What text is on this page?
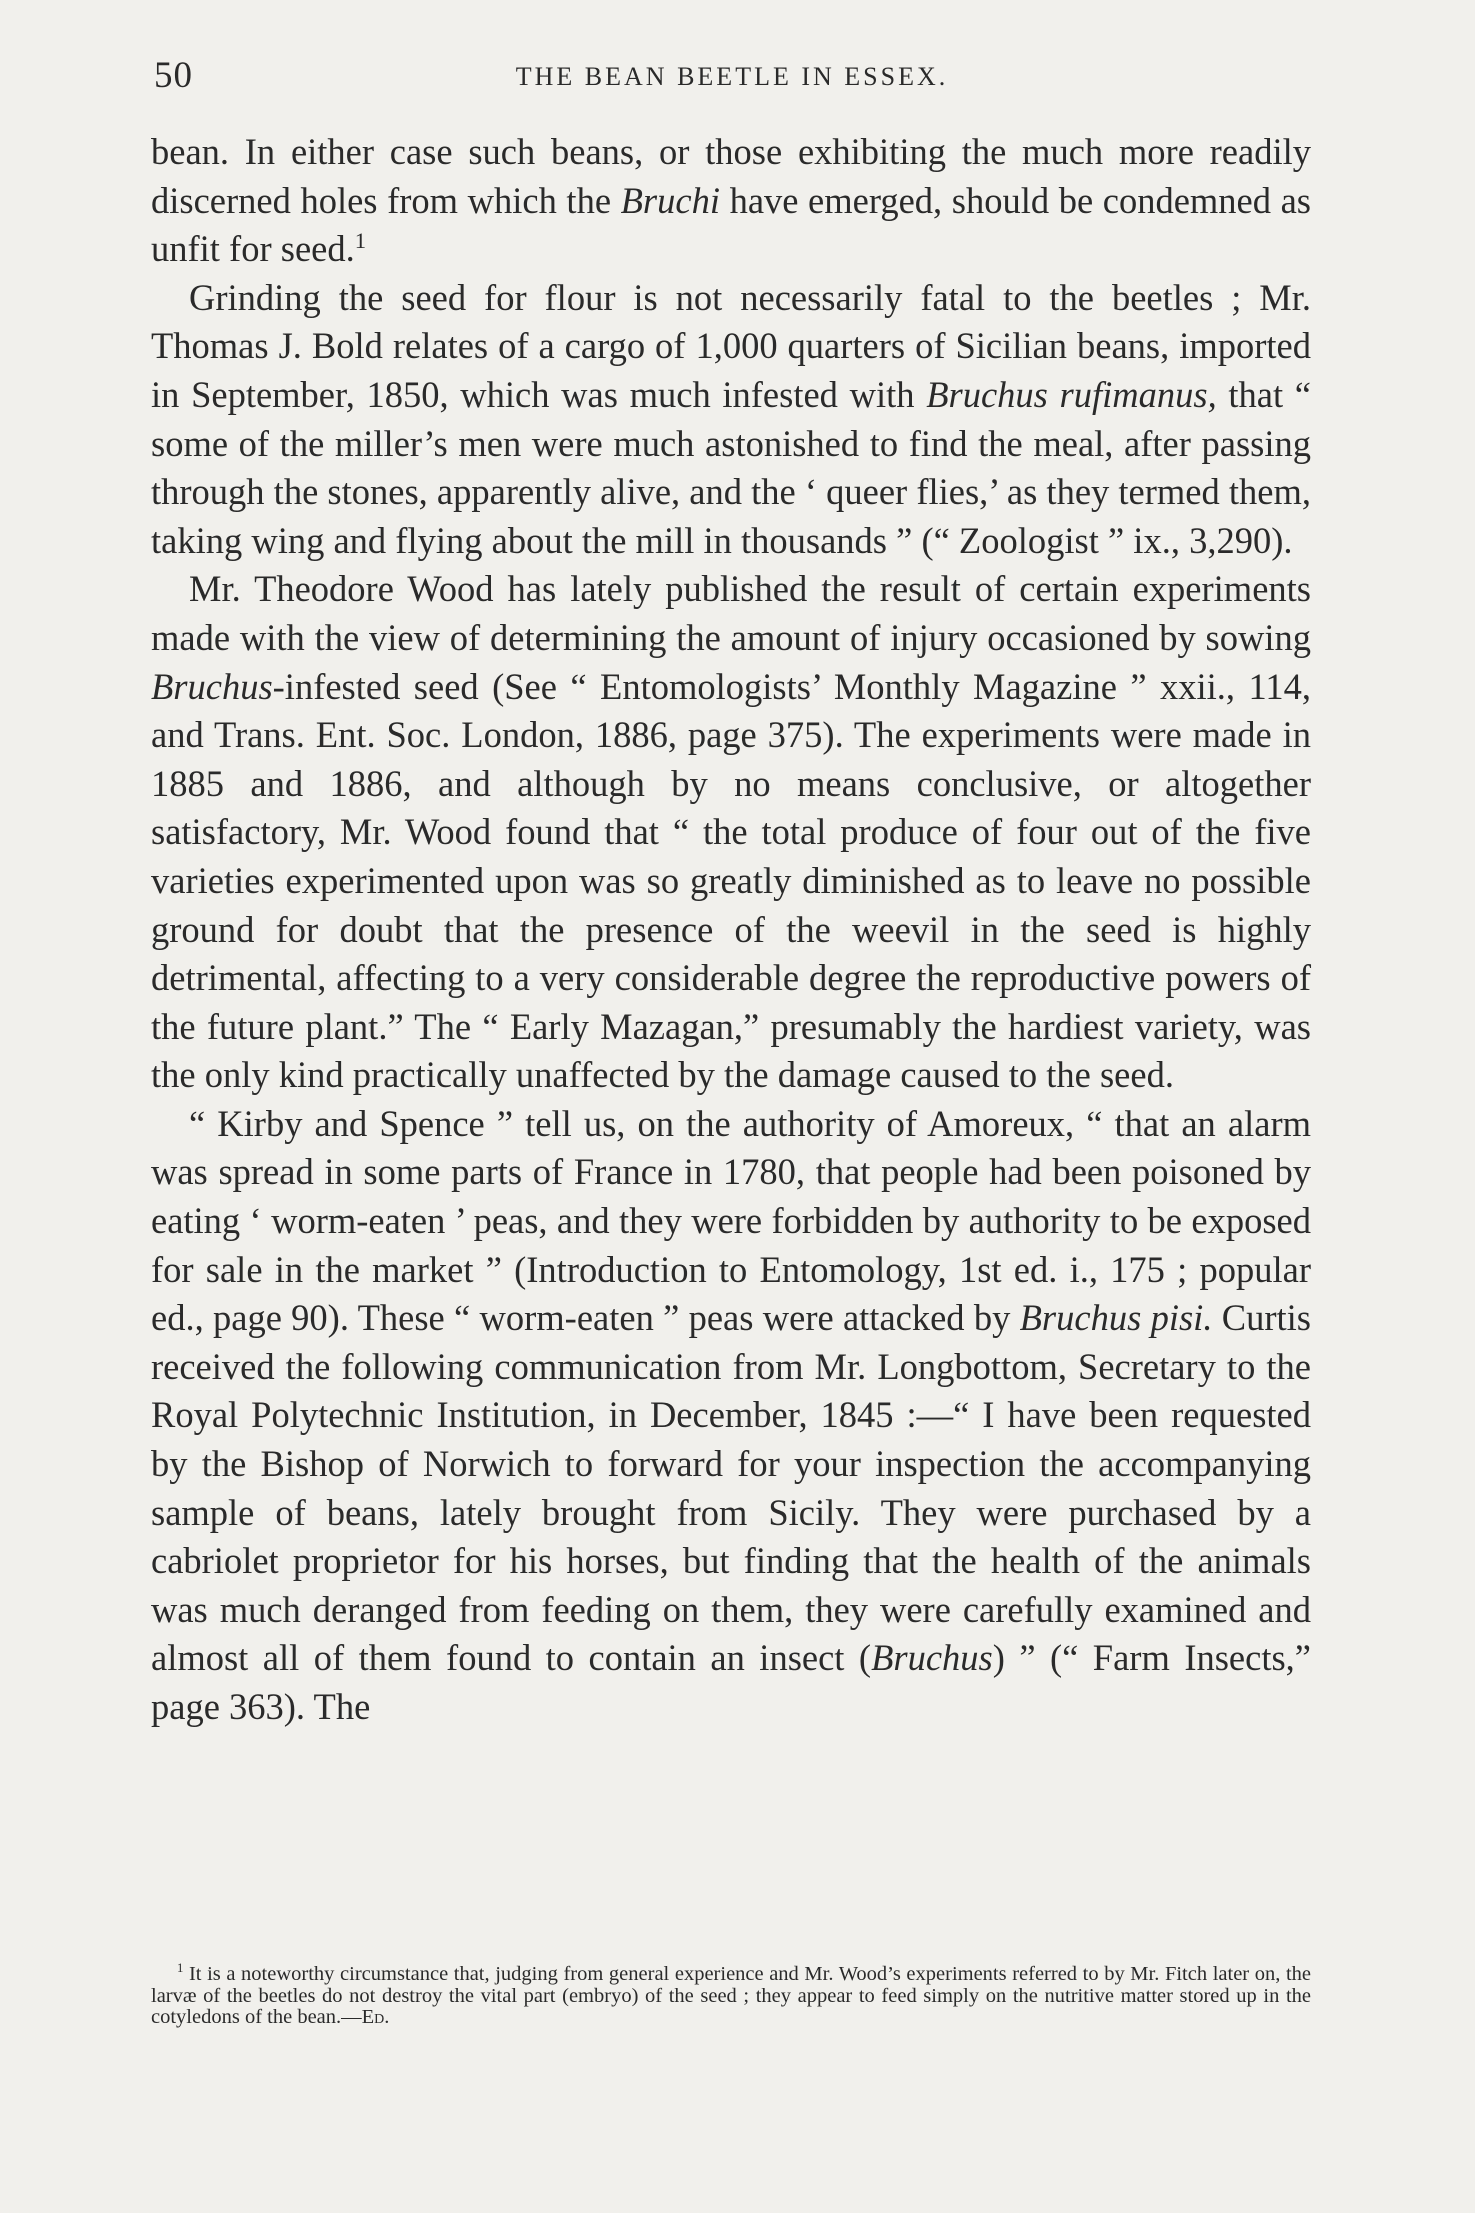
50	THE BEAN BEETLE IN ESSEX.

bean. In either case such beans, or those exhibiting the much more readily discerned holes from which the Bruchi have emerged, should be condemned as unfit for seed.$^1$

Grinding the seed for flour is not necessarily fatal to the beetles ; Mr. Thomas J. Bold relates of a cargo of 1,000 quarters of Sicilian beans, imported in September, 1850, which was much infested with Bruchus rufimanus, that “ some of the miller’s men were much astonished to find the meal, after passing through the stones, apparently alive, and the ‘ queer flies,’ as they termed them, taking wing and flying about the mill in thousands ” (“ Zoologist ” ix., 3,290).

Mr. Theodore Wood has lately published the result of certain experiments made with the view of determining the amount of injury occasioned by sowing Bruchus-infested seed (See “ Entomologists’ Monthly Magazine ” xxii., 114, and Trans. Ent. Soc. London, 1886, page 375). The experiments were made in 1885 and 1886, and although by no means conclusive, or altogether satisfactory, Mr. Wood found that “ the total produce of four out of the five varieties experimented upon was so greatly diminished as to leave no possible ground for doubt that the presence of the weevil in the seed is highly detrimental, affecting to a very considerable degree the reproductive powers of the future plant.” The “ Early Mazagan,” presumably the hardiest variety, was the only kind practically unaffected by the damage caused to the seed.

“ Kirby and Spence ” tell us, on the authority of Amoreux, “ that an alarm was spread in some parts of France in 1780, that people had been poisoned by eating ‘ worm-eaten ’ peas, and they were forbidden by authority to be exposed for sale in the market ” (Introduction to Entomology, 1st ed. i., 175 ; popular ed., page 90). These “ worm-eaten ” peas were attacked by Bruchus pisi. Curtis received the following communication from Mr. Longbottom, Secretary to the Royal Polytechnic Institution, in December, 1845 :—“ I have been requested by the Bishop of Norwich to forward for your inspection the accompanying sample of beans, lately brought from Sicily. They were purchased by a cabriolet proprietor for his horses, but finding that the health of the animals was much deranged from feeding on them, they were carefully examined and almost all of them found to contain an insect (Bruchus) ” (“ Farm Insects,” page 363). The

$^1$ It is a noteworthy circumstance that, judging from general experience and Mr. Wood’s experiments referred to by Mr. Fitch later on, the larvæ of the beetles do not destroy the vital part (embryo) of the seed ; they appear to feed simply on the nutritive matter stored up in the cotyledons of the bean.—Ed.
